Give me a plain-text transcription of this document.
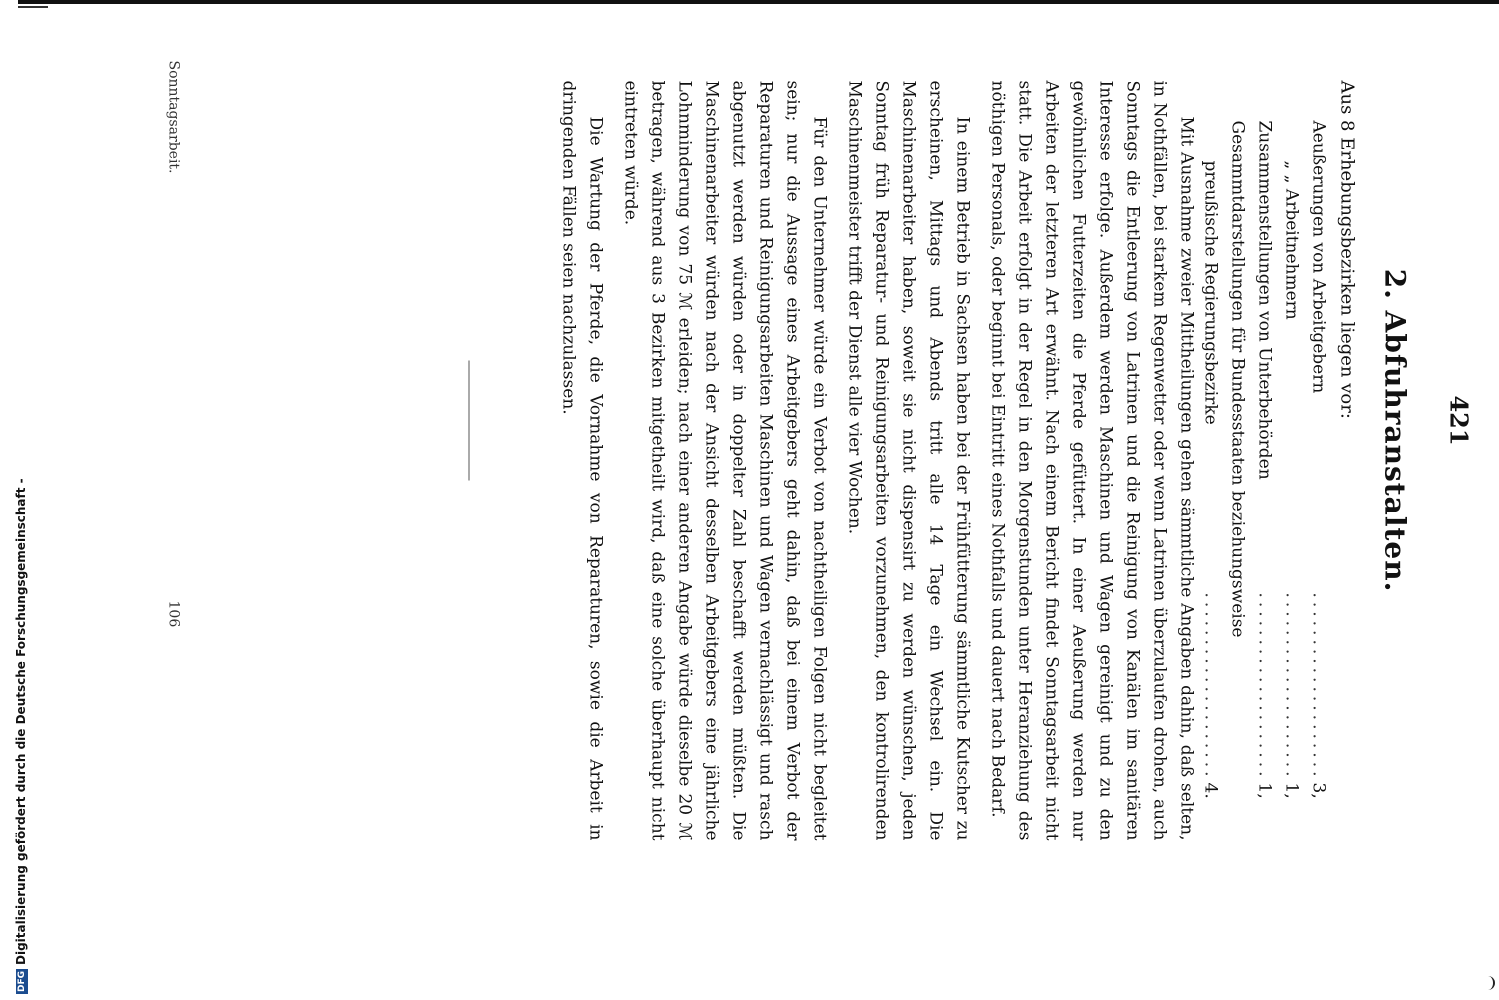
421
2. Abfuhranstalten.
Aus 8 Erhebungsbezirken liegen vor:
Aeußerungen von Arbeitgebern
....................
3,
„ „ Arbeitnehmern
....................
1,
Zusammenstellungen von Unterbehörden
....................
1,
Gesammtdarstellungen für Bundesstaaten beziehungsweise
preußische Regierungsbezirke
....................
4.

Mit Ausnahme zweier Mittheilungen gehen sämmtliche Angaben dahin, daß selten, in Nothfällen, bei starkem Regenwetter oder wenn Latrinen überzulaufen drohen, auch Sonntags die Entleerung von Latrinen und die Reinigung von Kanälen im sanitären Interesse erfolge. Außerdem werden Maschinen und Wagen gereinigt und zu den gewöhnlichen Futterzeiten die Pferde gefüttert. In einer Aeußerung werden nur Arbeiten der letzteren Art erwähnt. Nach einem Bericht findet Sonntagsarbeit nicht statt. Die Arbeit erfolgt in der Regel in den Morgenstunden unter Heranziehung des nöthigen Personals, oder beginnt bei Eintritt eines Nothfalls und dauert nach Bedarf.

In einem Betrieb in Sachsen haben bei der Frühfütterung sämmtliche Kutscher zu erscheinen, Mittags und Abends tritt alle 14 Tage ein Wechsel ein. Die Maschinenarbeiter haben, soweit sie nicht dispensirt zu werden wünschen, jeden Sonntag früh Reparatur- und Reinigungsarbeiten vorzunehmen, den kontrolirenden Maschinenmeister trifft der Dienst alle vier Wochen.

Für den Unternehmer würde ein Verbot von nachtheiligen Folgen nicht begleitet sein; nur die Aussage eines Arbeitgebers geht dahin, daß bei einem Verbot der Reparaturen und Reinigungsarbeiten Maschinen und Wagen vernachlässigt und rasch abgenutzt werden würden oder in doppelter Zahl beschafft werden müßten. Die Maschinenarbeiter würden nach der Ansicht desselben Arbeitgebers eine jährliche Lohnminderung von 75 ℳ erleiden; nach einer anderen Angabe würde dieselbe 20 ℳ betragen, während aus 3 Bezirken mitgetheilt wird, daß eine solche überhaupt nicht eintreten würde.

Die Wartung der Pferde, die Vornahme von Reparaturen, sowie die Arbeit in dringenden Fällen seien nachzulassen.

Sonntagsarbeit.
106
DFGDigitalisierung gefördert durch die Deutsche Forschungsgemeinschaft -
